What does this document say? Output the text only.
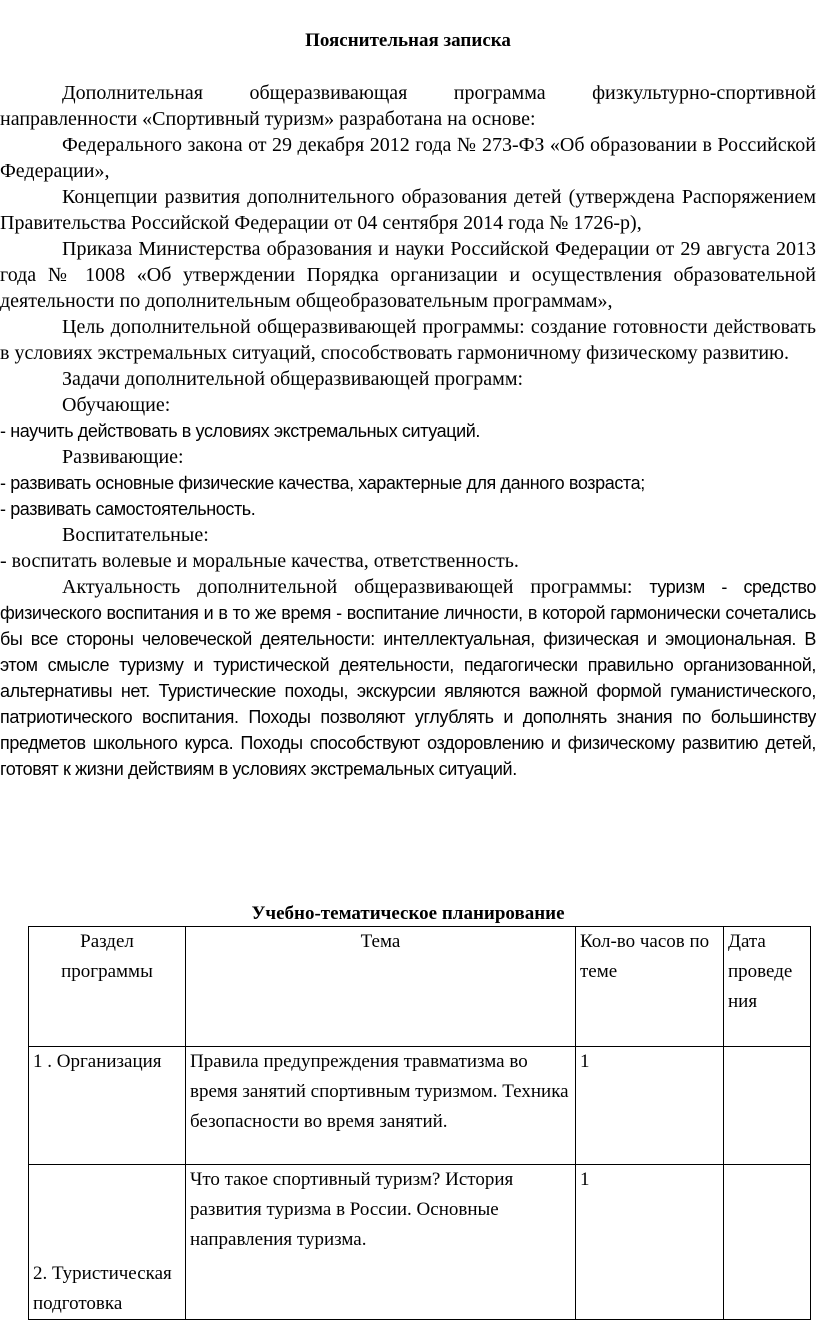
Пояснительная записка

Дополнительная общеразвивающая программа физкультурно-спортивной направленности «Спортивный туризм» разработана на основе:

Федерального закона от 29 декабря 2012 года № 273-ФЗ «Об образовании в Российской Федерации»,

Концепции развития дополнительного образования детей (утверждена Распоряжением Правительства Российской Федерации от 04 сентября 2014 года № 1726-р),

Приказа Министерства образования и науки Российской Федерации от 29 августа 2013 года № 1008 «Об утверждении Порядка организации и осуществления образовательной деятельности по дополнительным общеобразовательным программам»,

Цель дополнительной общеразвивающей программы: создание готовности действовать в условиях экстремальных ситуаций, способствовать гармоничному физическому развитию.

Задачи дополнительной общеразвивающей программ:

Обучающие:

- научить действовать в условиях экстремальных ситуаций.

Развивающие:

- развивать основные физические качества, характерные для данного возраста;

- развивать самостоятельность.

Воспитательные:

- воспитать волевые и моральные качества, ответственность.

Актуальность дополнительной общеразвивающей программы: туризм - средство физического воспитания и в то же время - воспитание личности, в которой гармонически сочетались бы все стороны человеческой деятельности: интеллектуальная, физическая и эмоциональная. В этом смысле туризму и туристической деятельности, педагогически правильно организованной, альтернативы нет. Туристические походы, экскурсии являются важной формой гуманистического, патриотического воспитания. Походы позволяют углублять и дополнять знания по большинству предметов школьного курса. Походы способствуют оздоровлению и физическому развитию детей, готовят к жизни действиям в условиях экстремальных ситуаций.

Учебно-тематическое планирование
Раздел программы	Тема	Кол-во часов по теме	Дата проведе ния
1 . Организация	Правила предупреждения травматизма во время занятий спортивным туризмом. Техника безопасности во время занятий.	1	
2. Туристическая подготовка	Что такое спортивный туризм? История развития туризма в России. Основные направления туризма.	1	
